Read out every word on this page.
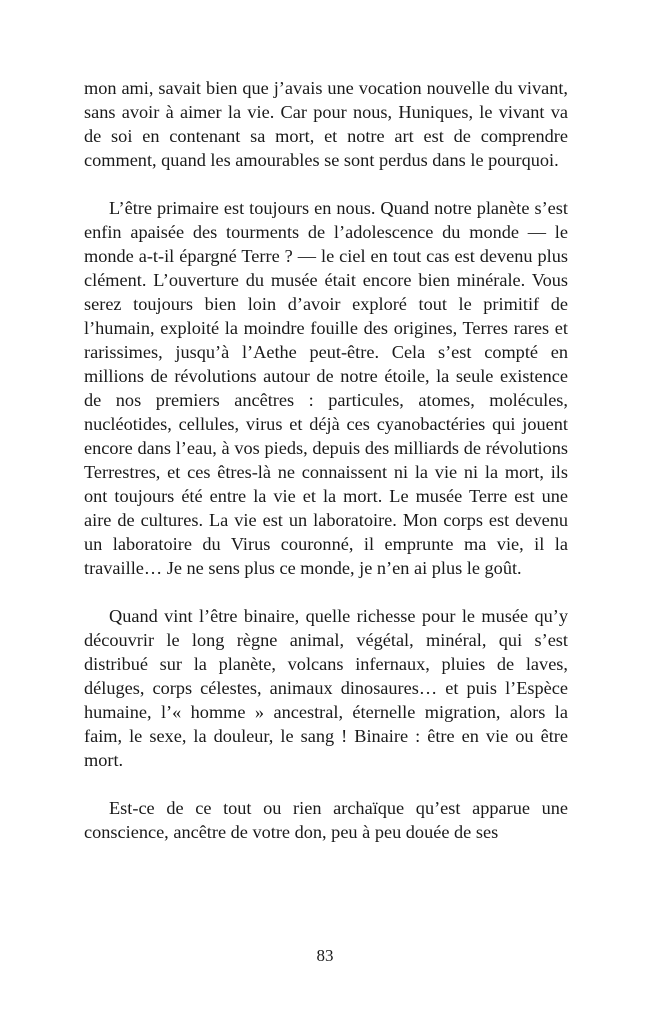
mon ami, savait bien que j’avais une vocation nouvelle du vivant, sans avoir à aimer la vie. Car pour nous, Huniques, le vivant va de soi en contenant sa mort, et notre art est de comprendre comment, quand les amourables se sont perdus dans le pourquoi.

L’être primaire est toujours en nous. Quand notre planète s’est enfin apaisée des tourments de l’adolescence du monde — le monde a-t-il épargné Terre ? — le ciel en tout cas est devenu plus clément. L’ouverture du musée était encore bien minérale. Vous serez toujours bien loin d’avoir exploré tout le primitif de l’humain, exploité la moindre fouille des origines, Terres rares et rarissimes, jusqu’à l’Aethe peut-être. Cela s’est compté en millions de révolutions autour de notre étoile, la seule existence de nos premiers ancêtres : particules, atomes, molécules, nucléotides, cellules, virus et déjà ces cyanobactéries qui jouent encore dans l’eau, à vos pieds, depuis des milliards de révolutions Terrestres, et ces êtres-là ne connaissent ni la vie ni la mort, ils ont toujours été entre la vie et la mort. Le musée Terre est une aire de cultures. La vie est un laboratoire. Mon corps est devenu un laboratoire du Virus couronné, il emprunte ma vie, il la travaille… Je ne sens plus ce monde, je n’en ai plus le goût.

Quand vint l’être binaire, quelle richesse pour le musée qu’y découvrir le long règne animal, végétal, minéral, qui s’est distribué sur la planète, volcans infernaux, pluies de laves, déluges, corps célestes, animaux dinosaures… et puis l’Espèce humaine, l’« homme » ancestral, éternelle migration, alors la faim, le sexe, la douleur, le sang ! Binaire : être en vie ou être mort.

Est-ce de ce tout ou rien archaïque qu’est apparue une conscience, ancêtre de votre don, peu à peu douée de ses

83
